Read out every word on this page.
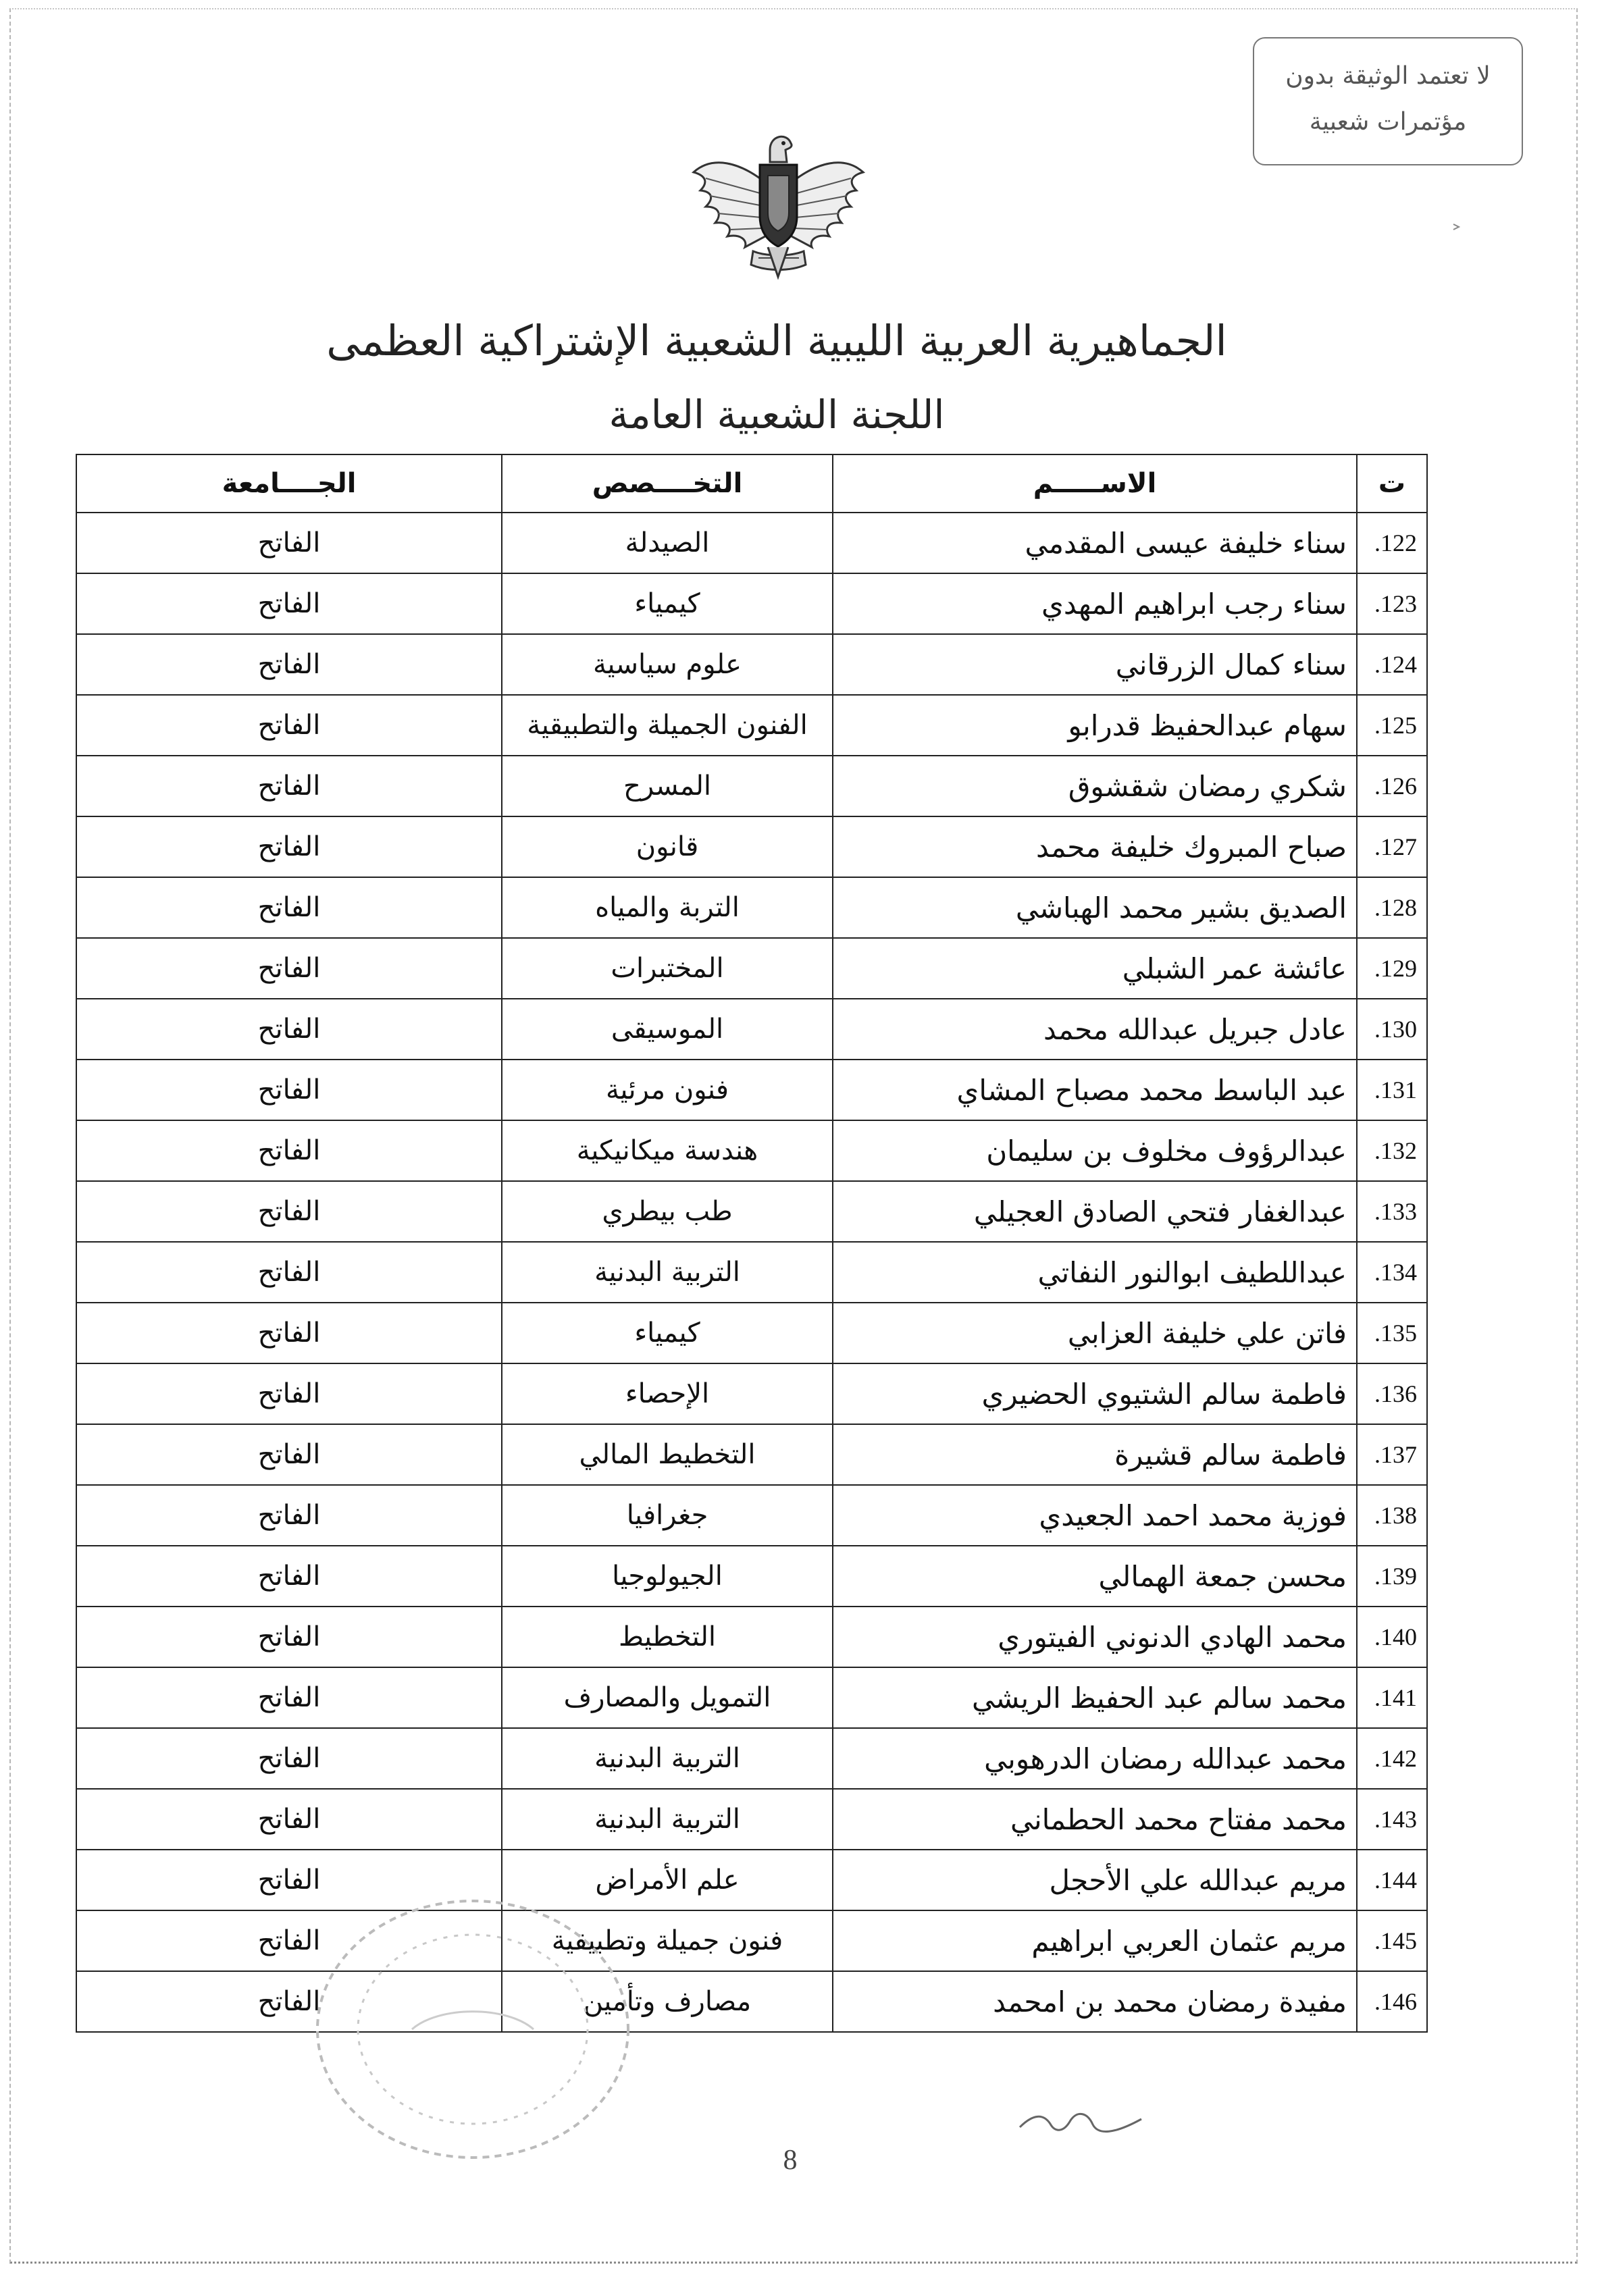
لا تعتمد الوثيقة بدون
مؤتمرات شعبية
الجماهيرية العربية الليبية الشعبية الإشتراكية العظمى
اللجنة الشعبية العامة
ت	الاســـــم	التخــــصص	الجــــامعة
122.	سناء خليفة عيسى المقدمي	الصيدلة	الفاتح
123.	سناء رجب ابراهيم المهدي	كيمياء	الفاتح
124.	سناء كمال الزرقاني	علوم سياسية	الفاتح
125.	سهام عبدالحفيظ قدرابو	الفنون الجميلة والتطبيقية	الفاتح
126.	شكري رمضان شقشوق	المسرح	الفاتح
127.	صباح المبروك خليفة محمد	قانون	الفاتح
128.	الصديق بشير محمد الهباشي	التربة والمياه	الفاتح
129.	عائشة عمر الشبلي	المختبرات	الفاتح
130.	عادل جبريل عبدالله محمد	الموسيقى	الفاتح
131.	عبد الباسط محمد مصباح المشاي	فنون مرئية	الفاتح
132.	عبدالرؤوف مخلوف بن سليمان	هندسة ميكانيكية	الفاتح
133.	عبدالغفار فتحي الصادق العجيلي	طب بيطري	الفاتح
134.	عبداللطيف ابوالنور النفاتي	التربية البدنية	الفاتح
135.	فاتن علي خليفة العزابي	كيمياء	الفاتح
136.	فاطمة سالم الشتيوي الحضيري	الإحصاء	الفاتح
137.	فاطمة سالم قشيرة	التخطيط المالي	الفاتح
138.	فوزية محمد احمد الجعيدي	جغرافيا	الفاتح
139.	محسن جمعة الهمالي	الجيولوجيا	الفاتح
140.	محمد الهادي الدنوني الفيتوري	التخطيط	الفاتح
141.	محمد سالم عبد الحفيظ الريشي	التمويل والمصارف	الفاتح
142.	محمد عبدالله رمضان الدرهوبي	التربية البدنية	الفاتح
143.	محمد مفتاح محمد الحطماني	التربية البدنية	الفاتح
144.	مريم عبدالله علي الأحجل	علم الأمراض	الفاتح
145.	مريم عثمان العربي ابراهيم	فنون جميلة وتطبيقية	الفاتح
146.	مفيدة رمضان محمد بن امحمد	مصارف وتأمين	الفاتح
8
